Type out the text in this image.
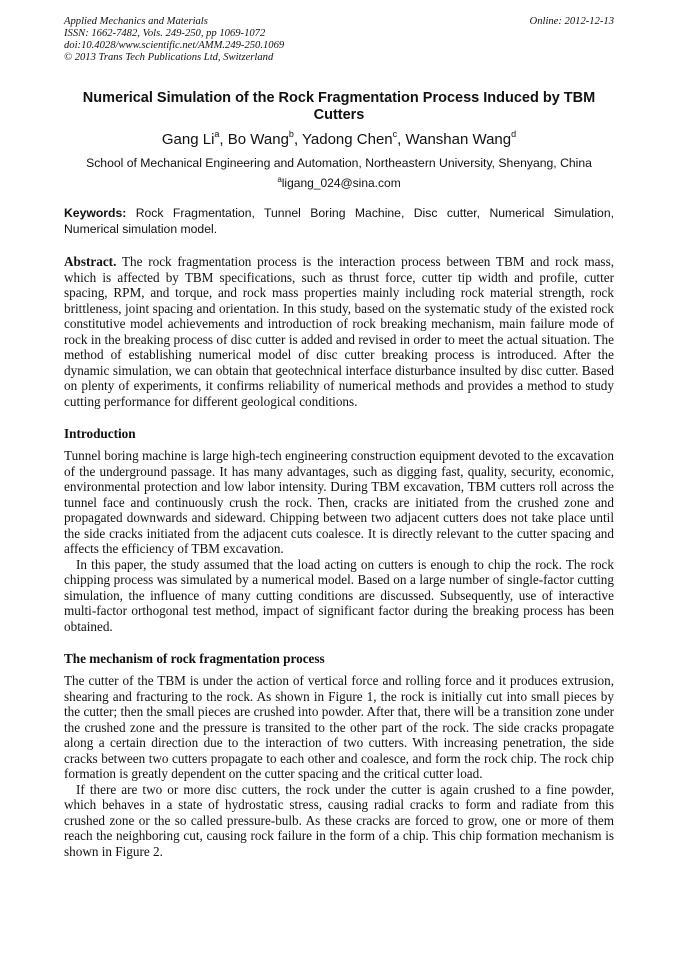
Applied Mechanics and Materials
ISSN: 1662-7482, Vols. 249-250, pp 1069-1072
doi:10.4028/www.scientific.net/AMM.249-250.1069
© 2013 Trans Tech Publications Ltd, Switzerland
Online: 2012-12-13
Numerical Simulation of the Rock Fragmentation Process Induced by TBM Cutters
Gang Li$^a$, Bo Wang$^b$, Yadong Chen$^c$, Wanshan Wang$^d$
School of Mechanical Engineering and Automation, Northeastern University, Shenyang, China
$^a$ligang_024@sina.com
Keywords: Rock Fragmentation, Tunnel Boring Machine, Disc cutter, Numerical Simulation, Numerical simulation model.
Abstract. The rock fragmentation process is the interaction process between TBM and rock mass, which is affected by TBM specifications, such as thrust force, cutter tip width and profile, cutter spacing, RPM, and torque, and rock mass properties mainly including rock material strength, rock brittleness, joint spacing and orientation. In this study, based on the systematic study of the existed rock constitutive model achievements and introduction of rock breaking mechanism, main failure mode of rock in the breaking process of disc cutter is added and revised in order to meet the actual situation. The method of establishing numerical model of disc cutter breaking process is introduced. After the dynamic simulation, we can obtain that geotechnical interface disturbance insulted by disc cutter. Based on plenty of experiments, it confirms reliability of numerical methods and provides a method to study cutting performance for different geological conditions.
Introduction

Tunnel boring machine is large high-tech engineering construction equipment devoted to the excavation of the underground passage. It has many advantages, such as digging fast, quality, security, economic, environmental protection and low labor intensity. During TBM excavation, TBM cutters roll across the tunnel face and continuously crush the rock. Then, cracks are initiated from the crushed zone and propagated downwards and sideward. Chipping between two adjacent cutters does not take place until the side cracks initiated from the adjacent cuts coalesce. It is directly relevant to the cutter spacing and affects the efficiency of TBM excavation.

In this paper, the study assumed that the load acting on cutters is enough to chip the rock. The rock chipping process was simulated by a numerical model. Based on a large number of single-factor cutting simulation, the influence of many cutting conditions are discussed. Subsequently, use of interactive multi-factor orthogonal test method, impact of significant factor during the breaking process has been obtained.

The mechanism of rock fragmentation process

The cutter of the TBM is under the action of vertical force and rolling force and it produces extrusion, shearing and fracturing to the rock. As shown in Figure 1, the rock is initially cut into small pieces by the cutter; then the small pieces are crushed into powder. After that, there will be a transition zone under the crushed zone and the pressure is transited to the other part of the rock. The side cracks propagate along a certain direction due to the interaction of two cutters. With increasing penetration, the side cracks between two cutters propagate to each other and coalesce, and form the rock chip. The rock chip formation is greatly dependent on the cutter spacing and the critical cutter load.

If there are two or more disc cutters, the rock under the cutter is again crushed to a fine powder, which behaves in a state of hydrostatic stress, causing radial cracks to form and radiate from this crushed zone or the so called pressure-bulb. As these cracks are forced to grow, one or more of them reach the neighboring cut, causing rock failure in the form of a chip. This chip formation mechanism is shown in Figure 2.
